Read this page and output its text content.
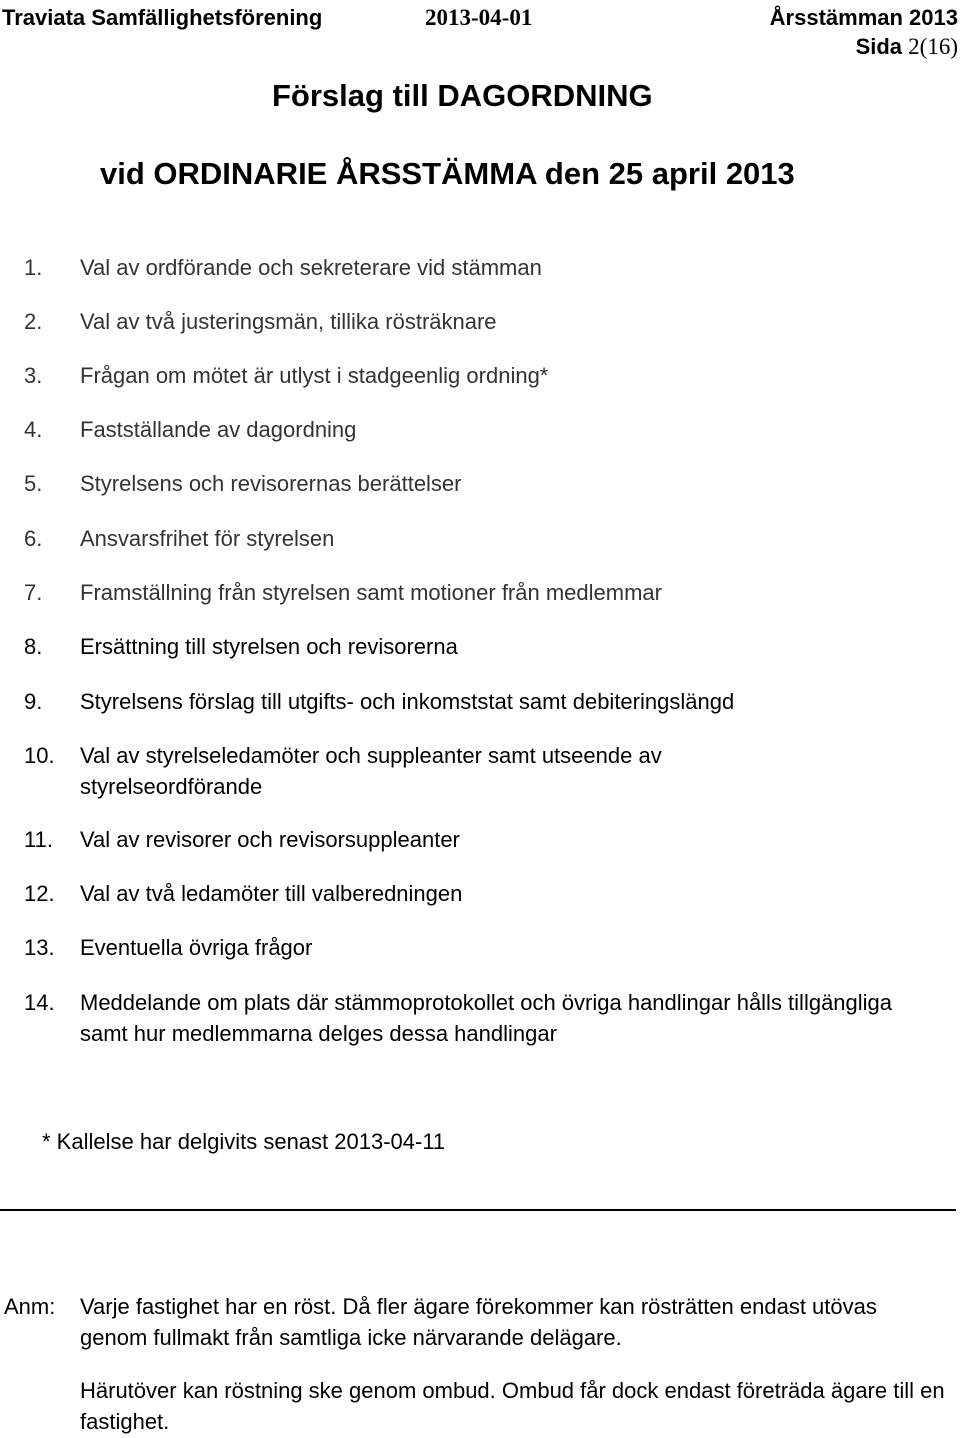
Traviata Samfällighetsförening	2013-04-01	Årsstämman 2013
Sida 2(16)
Förslag till DAGORDNING
vid ORDINARIE ÅRSSTÄMMA den 25 april 2013
1. Val av ordförande och sekreterare vid stämman
2. Val av två justeringsmän, tillika rösträknare
3. Frågan om mötet är utlyst i stadgeenlig ordning*
4. Fastställande av dagordning
5. Styrelsens och revisorernas berättelser
6. Ansvarsfrihet för styrelsen
7. Framställning från styrelsen samt motioner från medlemmar
8. Ersättning till styrelsen och revisorerna
9. Styrelsens förslag till utgifts- och inkomststat samt debiteringslängd
10. Val av styrelseledamöter och suppleanter samt utseende av styrelseordförande
11. Val av revisorer och revisorsuppleanter
12. Val av två ledamöter till valberedningen
13. Eventuella övriga frågor
14. Meddelande om plats där stämmoprotokollet och övriga handlingar hålls tillgängliga samt hur medlemmarna delges dessa handlingar
* Kallelse har delgivits senast 2013-04-11
Anm: Varje fastighet har en röst. Då fler ägare förekommer kan rösträtten endast utövas genom fullmakt från samtliga icke närvarande delägare.
Härutöver kan röstning ske genom ombud. Ombud får dock endast företräda ägare till en fastighet.
